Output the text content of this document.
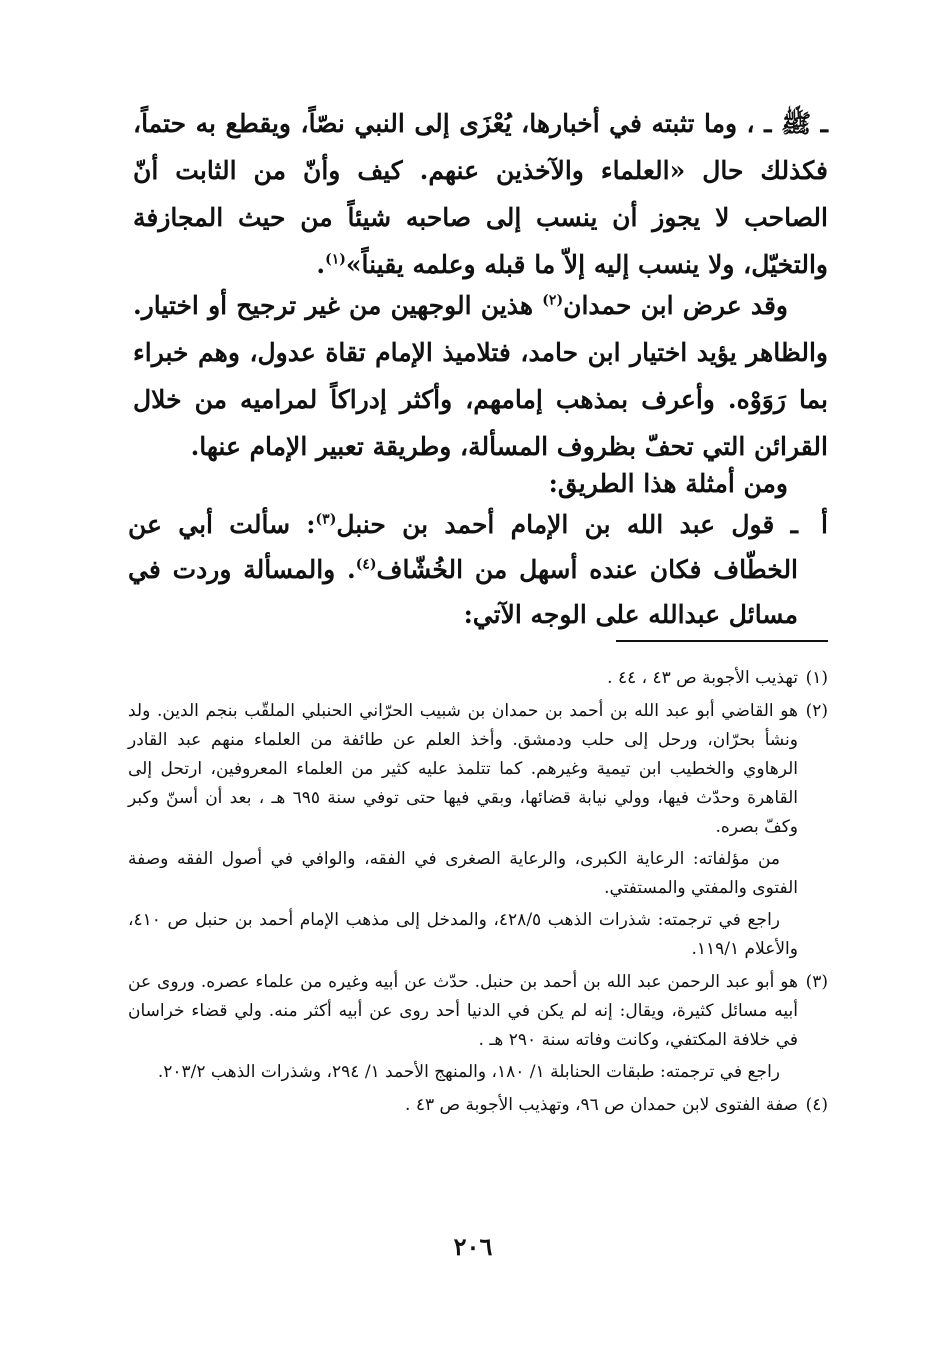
ـ ﷺ ـ ، وما تثبته في أخبارها، يُعْزَى إلى النبي نصّاً، ويقطع به حتماً، فكذلك حال «العلماء والآخذين عنهم. كيف وأنّ من الثابت أنّ الصاحب لا يجوز أن ينسب إلى صاحبه شيئاً من حيث المجازفة والتخيّل، ولا ينسب إليه إلاّ ما قبله وعلمه يقيناً»$^{(١)}$.

وقد عرض ابن حمدان$^{(٢)}$ هذين الوجهين من غير ترجيح أو اختيار. والظاهر يؤيد اختيار ابن حامد، فتلاميذ الإمام تقاة عدول، وهم خبراء بما رَوَوْه. وأعرف بمذهب إمامهم، وأكثر إدراكاً لمراميه من خلال القرائن التي تحفّ بظروف المسألة، وطريقة تعبير الإمام عنها.

ومن أمثلة هذا الطريق:

أ
ـ قول عبد الله بن الإمام أحمد بن حنبل$^{(٣)}$: سألت أبي عن الخطّاف فكان عنده أسهل من الخُشّاف$^{(٤)}$. والمسألة وردت في مسائل عبدالله على الوجه الآتي:
(١)

تهذيب الأجوبة ص ٤٣ ، ٤٤ .

(٢)

هو القاضي أبو عبد الله بن أحمد بن حمدان بن شبيب الحرّاني الحنبلي الملقّب بنجم الدين. ولد ونشأ بحرّان، ورحل إلى حلب ودمشق. وأخذ العلم عن طائفة من العلماء منهم عبد القادر الرهاوي والخطيب ابن تيمية وغيرهم. كما تتلمذ عليه كثير من العلماء المعروفين، ارتحل إلى القاهرة وحدّث فيها، وولي نيابة قضائها، وبقي فيها حتى توفي سنة ٦٩٥ هـ ، بعد أن أسنّ وكبر وكفّ بصره.

من مؤلفاته: الرعاية الكبرى، والرعاية الصغرى في الفقه، والوافي في أصول الفقه وصفة الفتوى والمفتي والمستفتي.

راجع في ترجمته: شذرات الذهب ٤٢٨/٥، والمدخل إلى مذهب الإمام أحمد بن حنبل ص ٤١٠، والأعلام ١١٩/١.

(٣)

هو أبو عبد الرحمن عبد الله بن أحمد بن حنبل. حدّث عن أبيه وغيره من علماء عصره. وروى عن أبيه مسائل كثيرة، ويقال: إنه لم يكن في الدنيا أحد روى عن أبيه أكثر منه. ولي قضاء خراسان في خلافة المكتفي، وكانت وفاته سنة ٢٩٠ هـ .

راجع في ترجمته: طبقات الحنابلة ١/ ١٨٠، والمنهج الأحمد ١/ ٢٩٤، وشذرات الذهب ٢٠٣/٢.

(٤)

صفة الفتوى لابن حمدان ص ٩٦، وتهذيب الأجوبة ص ٤٣ .

٢٠٦
